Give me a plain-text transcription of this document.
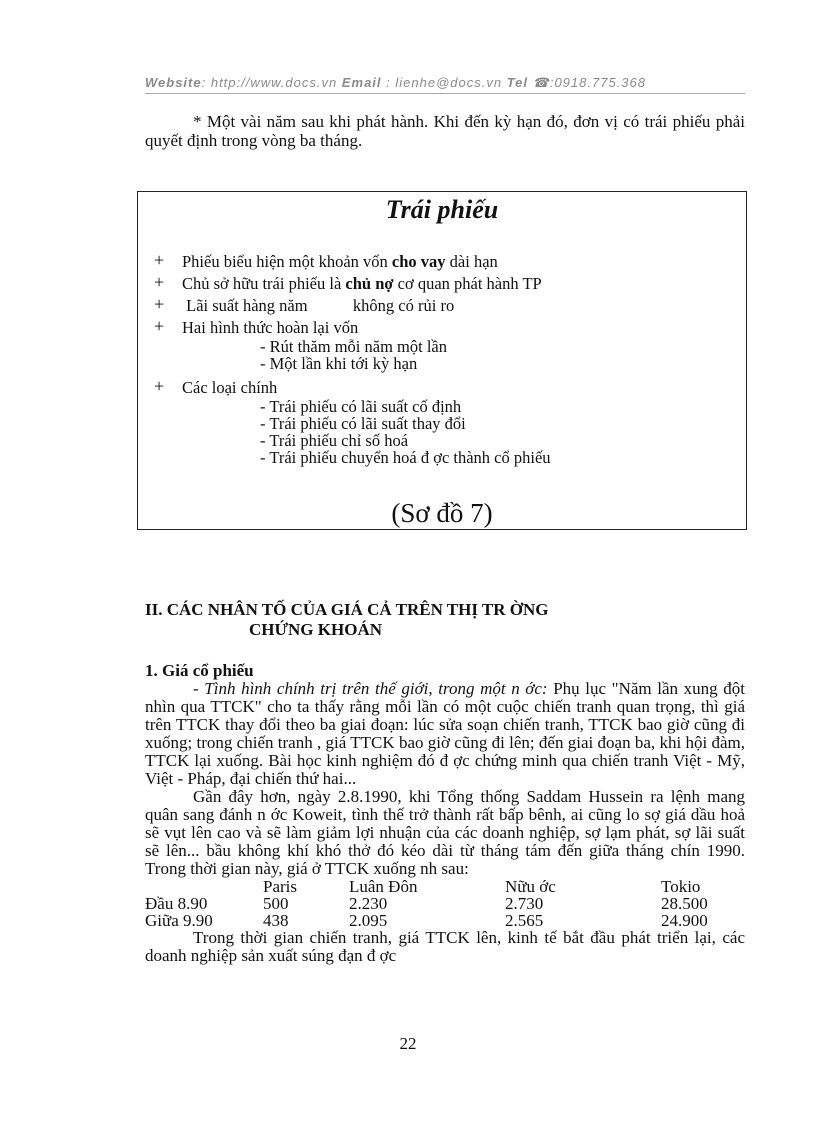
Website: http://www.docs.vn Email : lienhe@docs.vn Tel ☎:0918.775.368

* Một vài năm sau khi phát hành. Khi đến kỳ hạn đó, đơn vị có trái phiếu phải quyết định trong vòng ba tháng.

Trái phiếu
+ Phiếu biểu hiện một khoản vốn cho vay dài hạn
+ Chủ sở hữu trái phiếu là chủ nợ cơ quan phát hành TP
+ Lãi suất hàng năm           không có rủi ro
+ Hai hình thức hoàn lại vốn
- Rút thăm mỗi năm một lần
- Một lần khi tới kỳ hạn
+ Các loại chính
- Trái phiếu có lãi suất cố định
- Trái phiếu có lãi suất thay đổi
- Trái phiếu chỉ số hoá
- Trái phiếu chuyển hoá đ ợc thành cổ phiếu
(Sơ đồ 7)
II. CÁC NHÂN TỐ CỦA GIÁ CẢ TRÊN THỊ TR ỜNG
CHỨNG KHOÁN
1. Giá cổ phiếu

- Tình hình chính trị trên thế giới, trong một n ớc: Phụ lục "Năm lần xung đột nhìn qua TTCK" cho ta thấy rằng mỗi lần có một cuộc chiến tranh quan trọng, thì giá trên TTCK thay đổi theo ba giai đoạn: lúc sửa soạn chiến tranh, TTCK bao giờ cũng đi xuống; trong chiến tranh , giá TTCK bao giờ cũng đi lên; đến giai đoạn ba, khi hội đàm, TTCK lại xuống. Bài học kinh nghiệm đó đ ợc chứng minh qua chiến tranh Việt - Mỹ, Việt - Pháp, đại chiến thứ hai...

Gần đây hơn, ngày 2.8.1990, khi Tổng thống Saddam Hussein ra lệnh mang quân sang đánh n ớc Koweit, tình thế trở thành rất bấp bênh, ai cũng lo sợ giá dầu hoả sẽ vụt lên cao và sẽ làm giảm lợi nhuận của các doanh nghiệp, sợ lạm phát, sợ lãi suất sẽ lên... bầu không khí khó thở đó kéo dài từ tháng tám đến giữa tháng chín 1990. Trong thời gian này, giá ở TTCK xuống nh sau:

	Paris	Luân Đôn	Nữu ớc	Tokio
Đầu 8.90	500	2.230	2.730	28.500
Giữa 9.90	438	2.095	2.565	24.900

Trong thời gian chiến tranh, giá TTCK lên, kinh tế bắt đầu phát triển lại, các doanh nghiệp sản xuất súng đạn đ ợc

22
